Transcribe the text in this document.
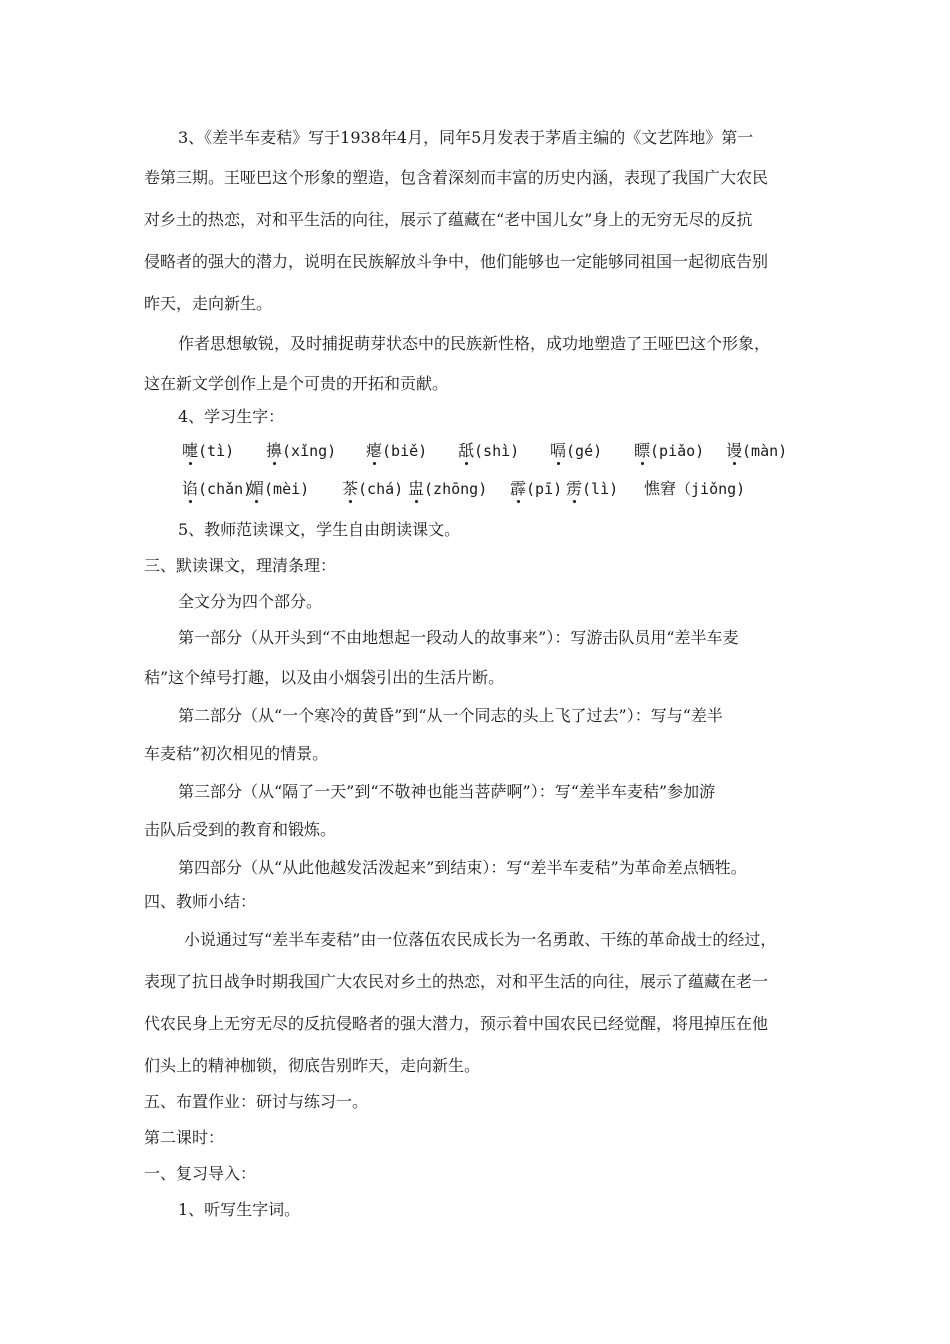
3、《差半车麦秸》写于1938年4月，同年5月发表于茅盾主编的《文艺阵地》第一
卷第三期。王哑巴这个形象的塑造，包含着深刻而丰富的历史内涵，表现了我国广大农民
对乡土的热恋，对和平生活的向往，展示了蕴藏在“老中国儿女”身上的无穷无尽的反抗
侵略者的强大的潜力，说明在民族解放斗争中，他们能够也一定能够同祖国一起彻底告别
昨天，走向新生。
作者思想敏锐，及时捕捉萌芽状态中的民族新性格，成功地塑造了王哑巴这个形象，
这在新文学创作上是个可贵的开拓和贡献。
4、学习生字：
嚏(tì) 擤(xǐng) 瘪(biě) 舐(shì) 嗝(gé) 瞟(piǎo) 谩(màn)
谄(chǎn)
媚(mèi) 茶(chá) 盅(zhōng) 霹(pī) 雳(lì) 憔窘（jiǒng)
5、教师范读课文，学生自由朗读课文。
三、默读课文，理清条理：
全文分为四个部分。
第一部分（从开头到“不由地想起一段动人的故事来”）：写游击队员用“差半车麦
秸”这个绰号打趣，以及由小烟袋引出的生活片断。
第二部分（从“一个寒冷的黄昏”到“从一个同志的头上飞了过去”）：写与“差半
车麦秸”初次相见的情景。
第三部分（从“隔了一天”到“不敬神也能当菩萨啊”）：写“差半车麦秸”参加游
击队后受到的教育和锻炼。
第四部分（从“从此他越发活泼起来”到结束）：写“差半车麦秸”为革命差点牺牲。
四、教师小结：
小说通过写“差半车麦秸”由一位落伍农民成长为一名勇敢、干练的革命战士的经过，
表现了抗日战争时期我国广大农民对乡土的热恋，对和平生活的向往，展示了蕴藏在老一
代农民身上无穷无尽的反抗侵略者的强大潜力，预示着中国农民已经觉醒，将甩掉压在他
们头上的精神枷锁，彻底告别昨天，走向新生。
五、布置作业：研讨与练习一。
第二课时：
一、复习导入：
1、听写生字词。
